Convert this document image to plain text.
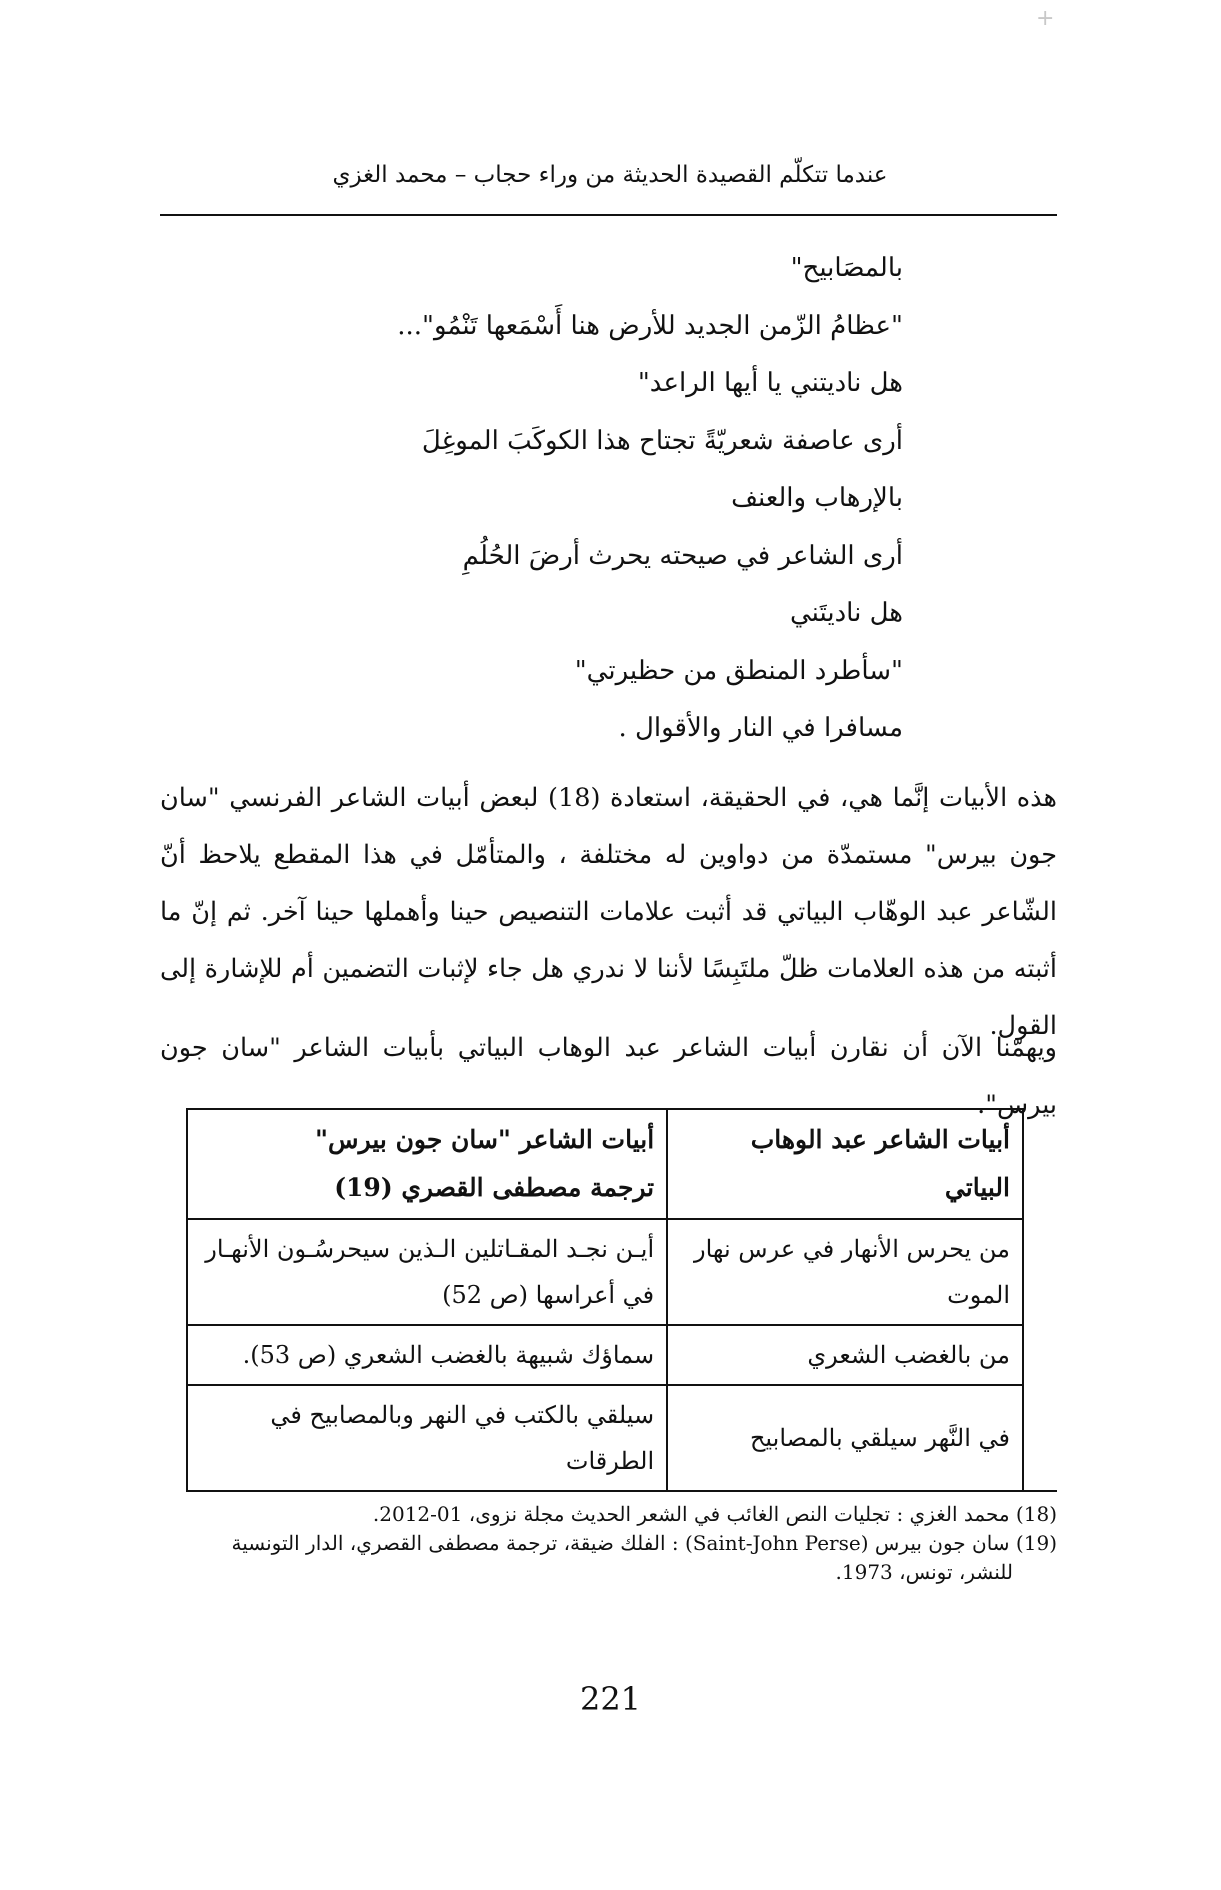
+
عندما تتكلّم القصيدة الحديثة من وراء حجاب – محمد الغزي
بالمصَابيح"
"عظامُ الزّمن الجديد للأرض هنا أَسْمَعها تَنْمُو"...
هل ناديتني يا أيها الراعد"
أرى عاصفة شعريّةً تجتاح هذا الكوكَبَ الموغِلَ
بالإرهاب والعنف
أرى الشاعر في صيحته يحرث أرضَ الحُلُمِ
هل ناديتَني
"سأطرد المنطق من حظيرتي"
مسافرا في النار والأقوال .

هذه الأبيات إنَّما هي، في الحقيقة، استعادة (18) لبعض أبيات الشاعر الفرنسي "سان جون بيرس" مستمدّة من دواوين له مختلفة ، والمتأمّل في هذا المقطع يلاحظ أنّ الشّاعر عبد الوهّاب البياتي قد أثبت علامات التنصيص حينا وأهملها حينا آخر. ثم إنّ ما أثبته من هذه العلامات ظلّ ملتَبِسًا لأننا لا ندري هل جاء لإثبات التضمين أم للإشارة إلى القول.

ويهمّنا الآن أن نقارن أبيات الشاعر عبد الوهاب البياتي بأبيات الشاعر "سان جون بيرس".

أبيات الشاعر عبد الوهاب البياتي	أبيات الشاعر "سان جون بيرس"
ترجمة مصطفى القصري (19)

من يحرس الأنهار في عرس نهار الموت	أيـن نجـد المقـاتلين الـذين سيحرسُـون الأنهـار في أعراسها (ص 52)
من بالغضب الشعري	سماؤك شبيهة بالغضب الشعري (ص 53).
في النَّهر سيلقي بالمصابيح	سيلقي بالكتب في النهر وبالمصابيح في الطرقات

(18) محمد الغزي : تجليات النص الغائب في الشعر الحديث مجلة نزوى، 01-2012.

(19) سان جون بيرس (Saint-John Perse) : الفلك ضيقة، ترجمة مصطفى القصري، الدار التونسية

للنشر، تونس، 1973.

221
